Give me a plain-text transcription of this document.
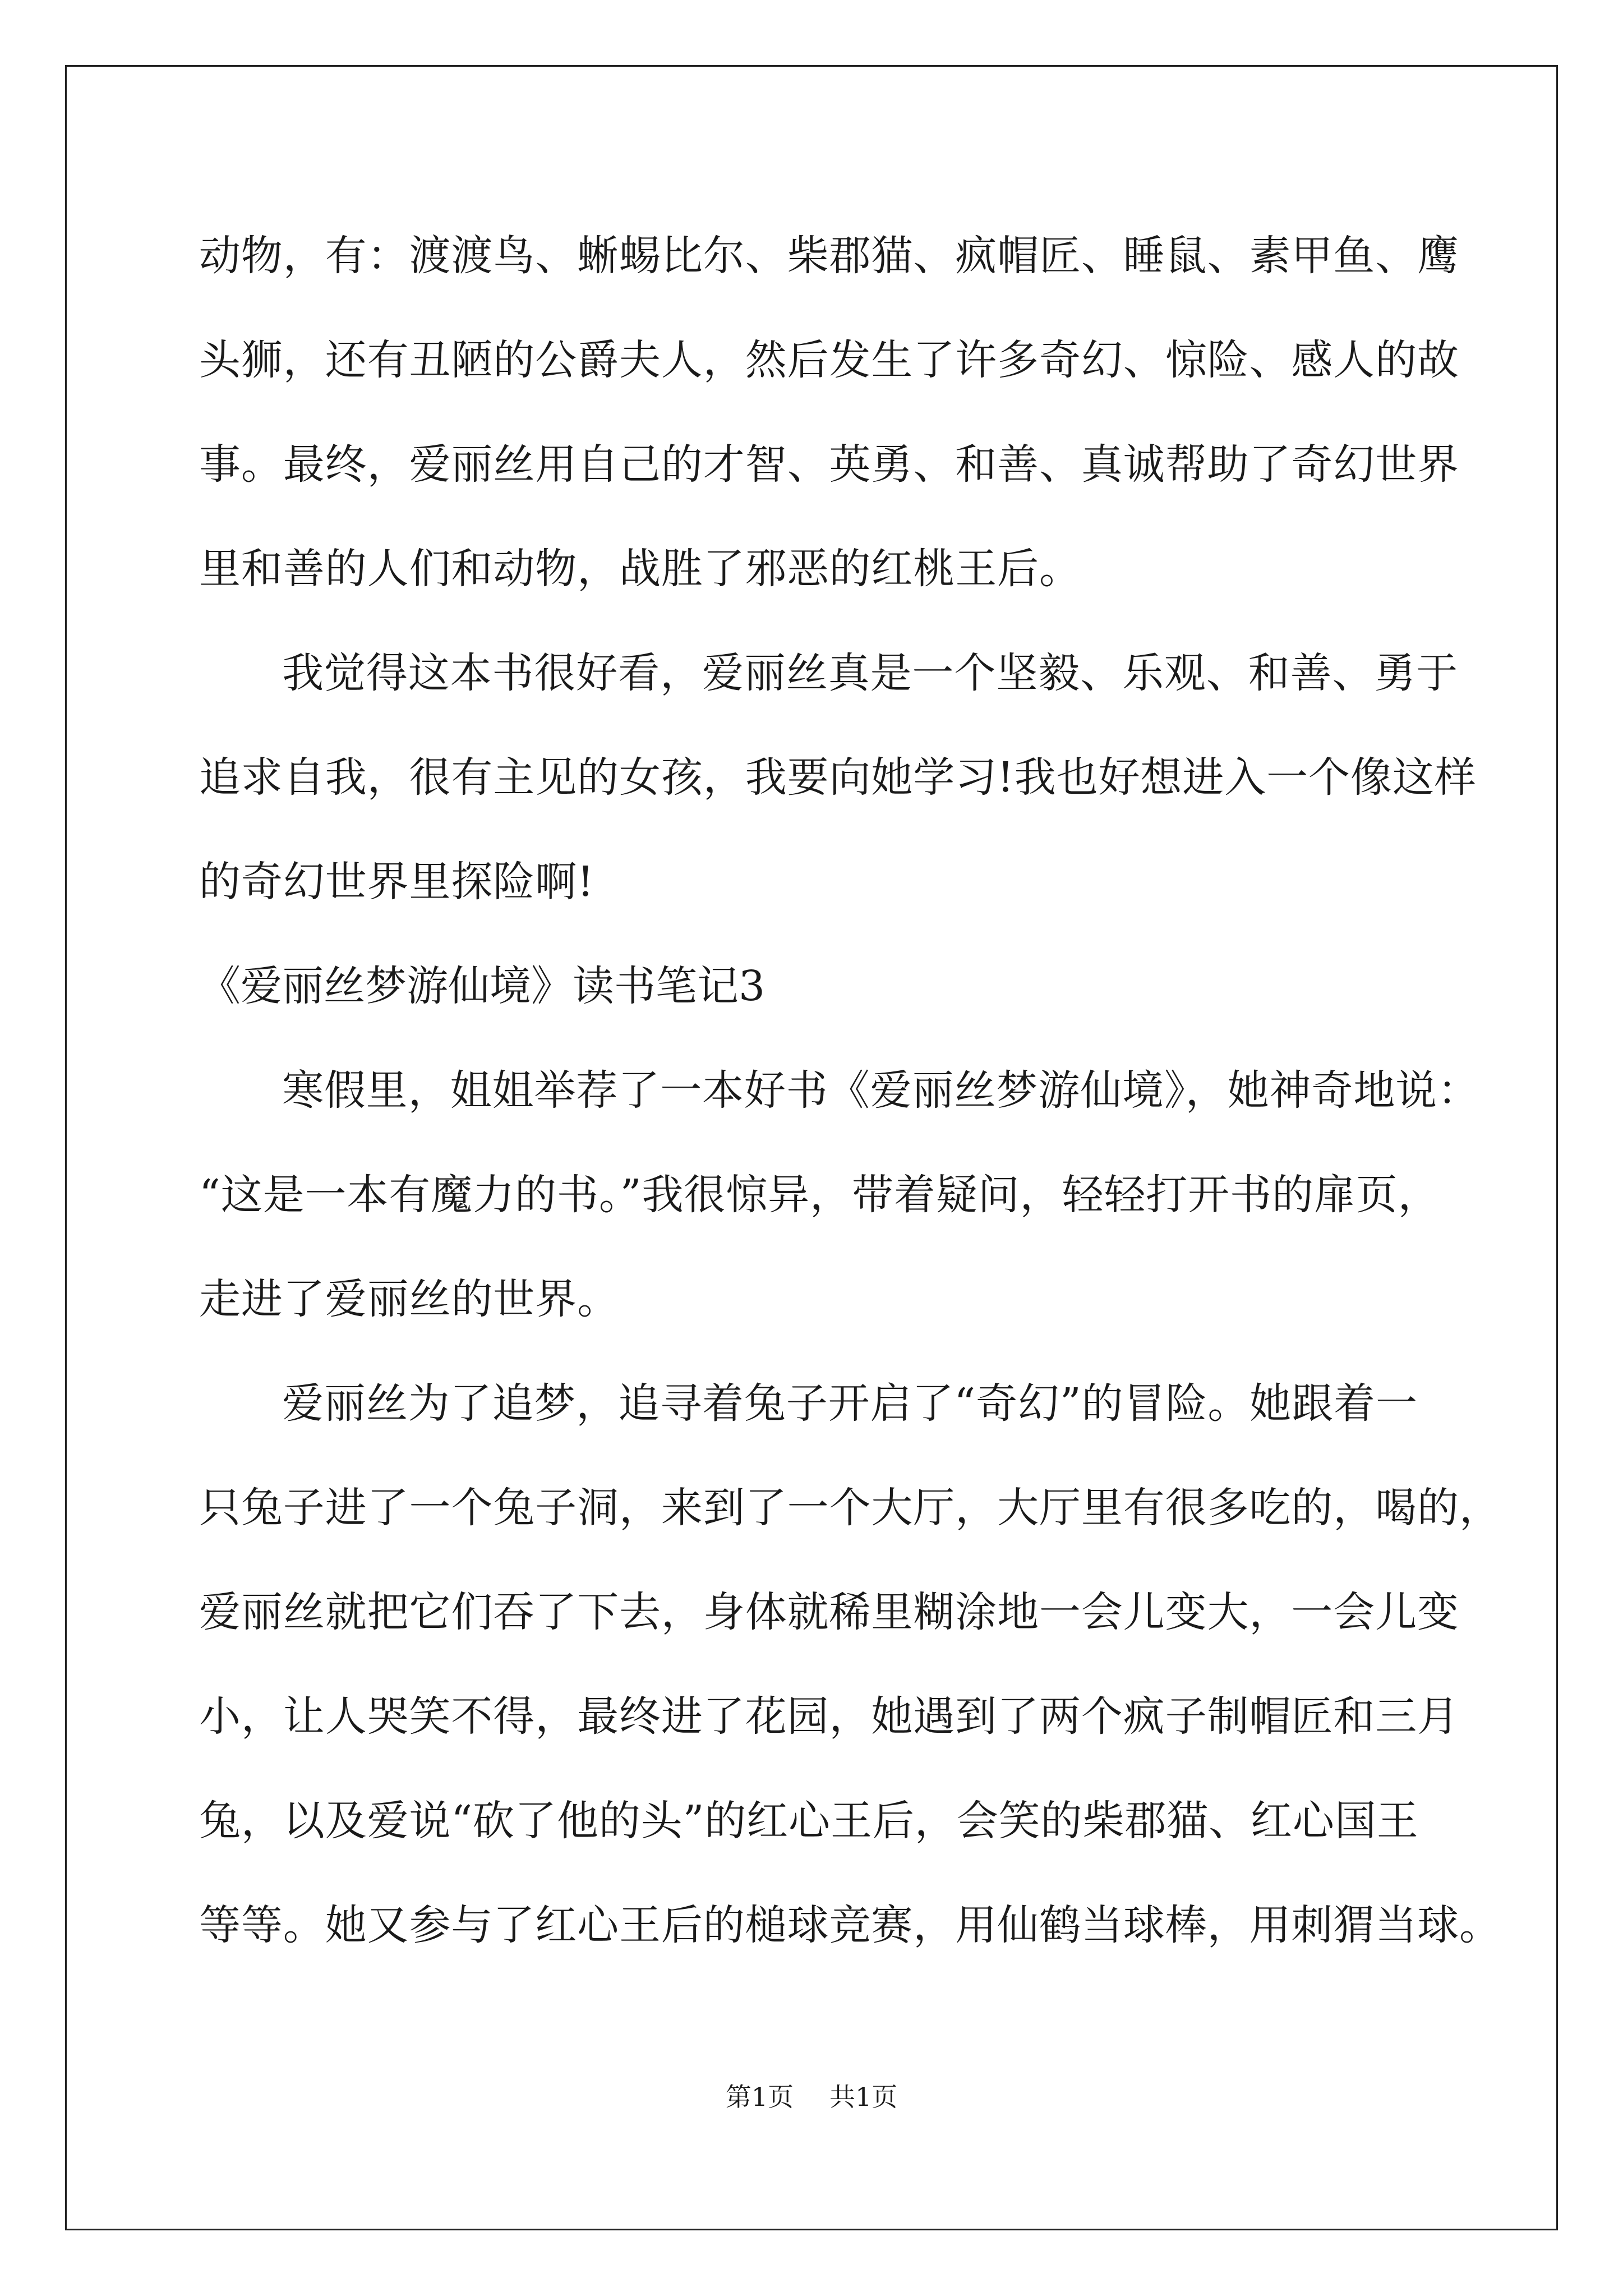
动物，有：渡渡鸟、蜥蜴比尔、柴郡猫、疯帽匠、睡鼠、素甲鱼、鹰

头狮，还有丑陋的公爵夫人，然后发生了许多奇幻、惊险、感人的故

事。最终，爱丽丝用自己的才智、英勇、和善、真诚帮助了奇幻世界

里和善的人们和动物，战胜了邪恶的红桃王后。

我觉得这本书很好看，爱丽丝真是一个坚毅、乐观、和善、勇于

追求自我，很有主见的女孩，我要向她学习!我也好想进入一个像这样

的奇幻世界里探险啊!

《爱丽丝梦游仙境》读书笔记3

寒假里，姐姐举荐了一本好书《爱丽丝梦游仙境》，她神奇地说：

“这是一本有魔力的书。”我很惊异，带着疑问，轻轻打开书的扉页，

走进了爱丽丝的世界。

爱丽丝为了追梦，追寻着兔子开启了“奇幻”的冒险。她跟着一

只兔子进了一个兔子洞，来到了一个大厅，大厅里有很多吃的，喝的，

爱丽丝就把它们吞了下去，身体就稀里糊涂地一会儿变大，一会儿变

小，让人哭笑不得，最终进了花园，她遇到了两个疯子制帽匠和三月

兔，以及爱说“砍了他的头”的红心王后，会笑的柴郡猫、红心国王

等等。她又参与了红心王后的槌球竞赛，用仙鹤当球棒，用刺猬当球。

第1页 共1页
